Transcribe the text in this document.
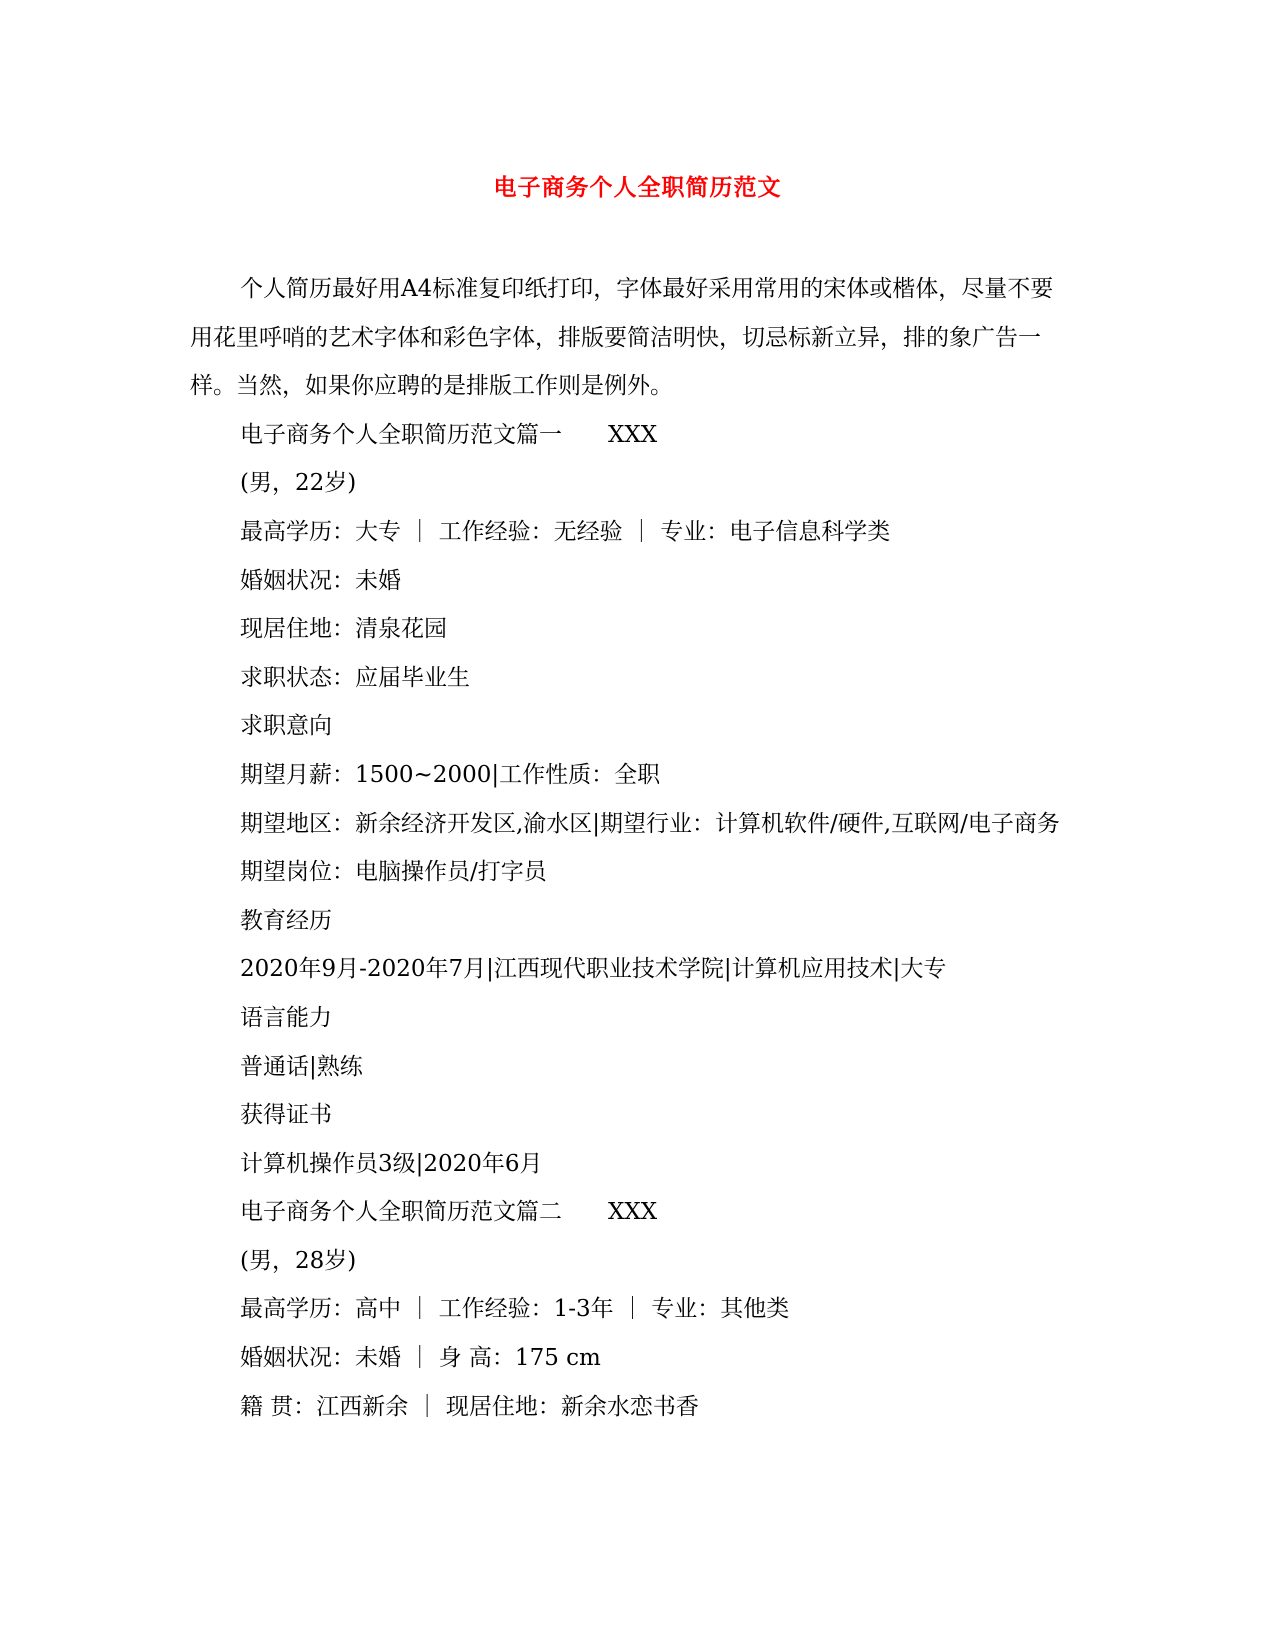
电子商务个人全职简历范文

个人简历最好用A4标准复印纸打印，字体最好采用常用的宋体或楷体，尽量不要用花里呼哨的艺术字体和彩色字体，排版要简洁明快，切忌标新立异，排的象广告一样。当然，如果你应聘的是排版工作则是例外。

电子商务个人全职简历范文篇一 XXX

(男，22岁)

最高学历：大专 ｜ 工作经验：无经验 ｜ 专业：电子信息科学类

婚姻状况：未婚

现居住地：清泉花园

求职状态：应届毕业生

求职意向

期望月薪：1500~2000|工作性质：全职

期望地区：新余经济开发区,渝水区|期望行业：计算机软件/硬件,互联网/电子商务

期望岗位：电脑操作员/打字员

教育经历

2020年9月-2020年7月|江西现代职业技术学院|计算机应用技术|大专

语言能力

普通话|熟练

获得证书

计算机操作员3级|2020年6月

电子商务个人全职简历范文篇二 XXX

(男，28岁)

最高学历：高中 ｜ 工作经验：1-3年 ｜ 专业：其他类

婚姻状况：未婚 ｜ 身 高：175 cm

籍 贯：江西新余 ｜ 现居住地：新余水恋书香
